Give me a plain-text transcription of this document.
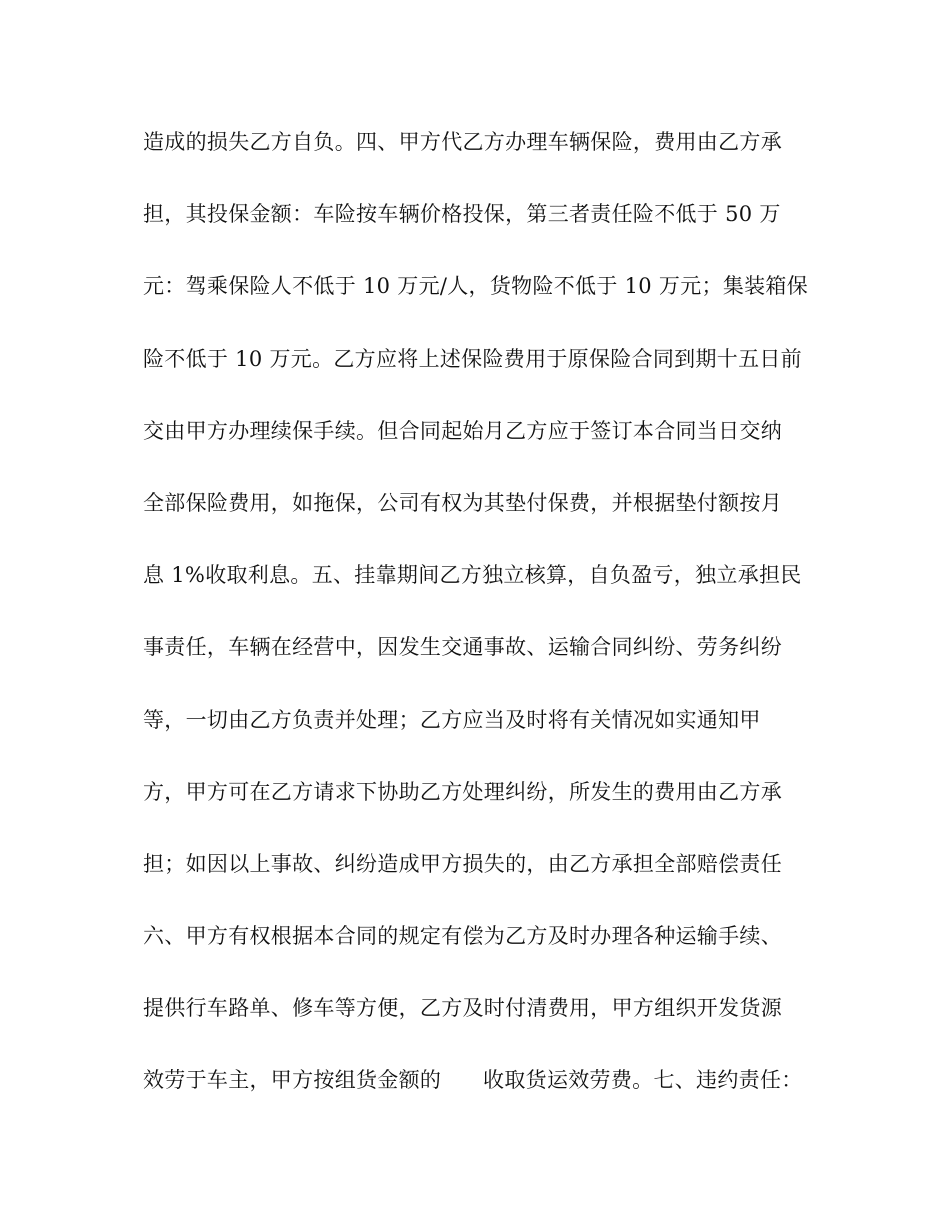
造成的损失乙方自负。四、甲方代乙方办理车辆保险，费用由乙方承
担，其投保金额：车险按车辆价格投保，第三者责任险不低于 50 万
元：驾乘保险人不低于 10 万元/人，货物险不低于 10 万元；集装箱保
险不低于 10 万元。乙方应将上述保险费用于原保险合同到期十五日前
交由甲方办理续保手续。但合同起始月乙方应于签订本合同当日交纳
全部保险费用，如拖保，公司有权为其垫付保费，并根据垫付额按月
息 1%收取利息。五、挂靠期间乙方独立核算，自负盈亏，独立承担民
事责任，车辆在经营中，因发生交通事故、运输合同纠纷、劳务纠纷
等，一切由乙方负责并处理；乙方应当及时将有关情况如实通知甲
方，甲方可在乙方请求下协助乙方处理纠纷，所发生的费用由乙方承
担；如因以上事故、纠纷造成甲方损失的，由乙方承担全部赔偿责任
六、甲方有权根据本合同的规定有偿为乙方及时办理各种运输手续、
提供行车路单、修车等方便，乙方及时付清费用，甲方组织开发货源
效劳于车主，甲方按组货金额的      收取货运效劳费。七、违约责任：
